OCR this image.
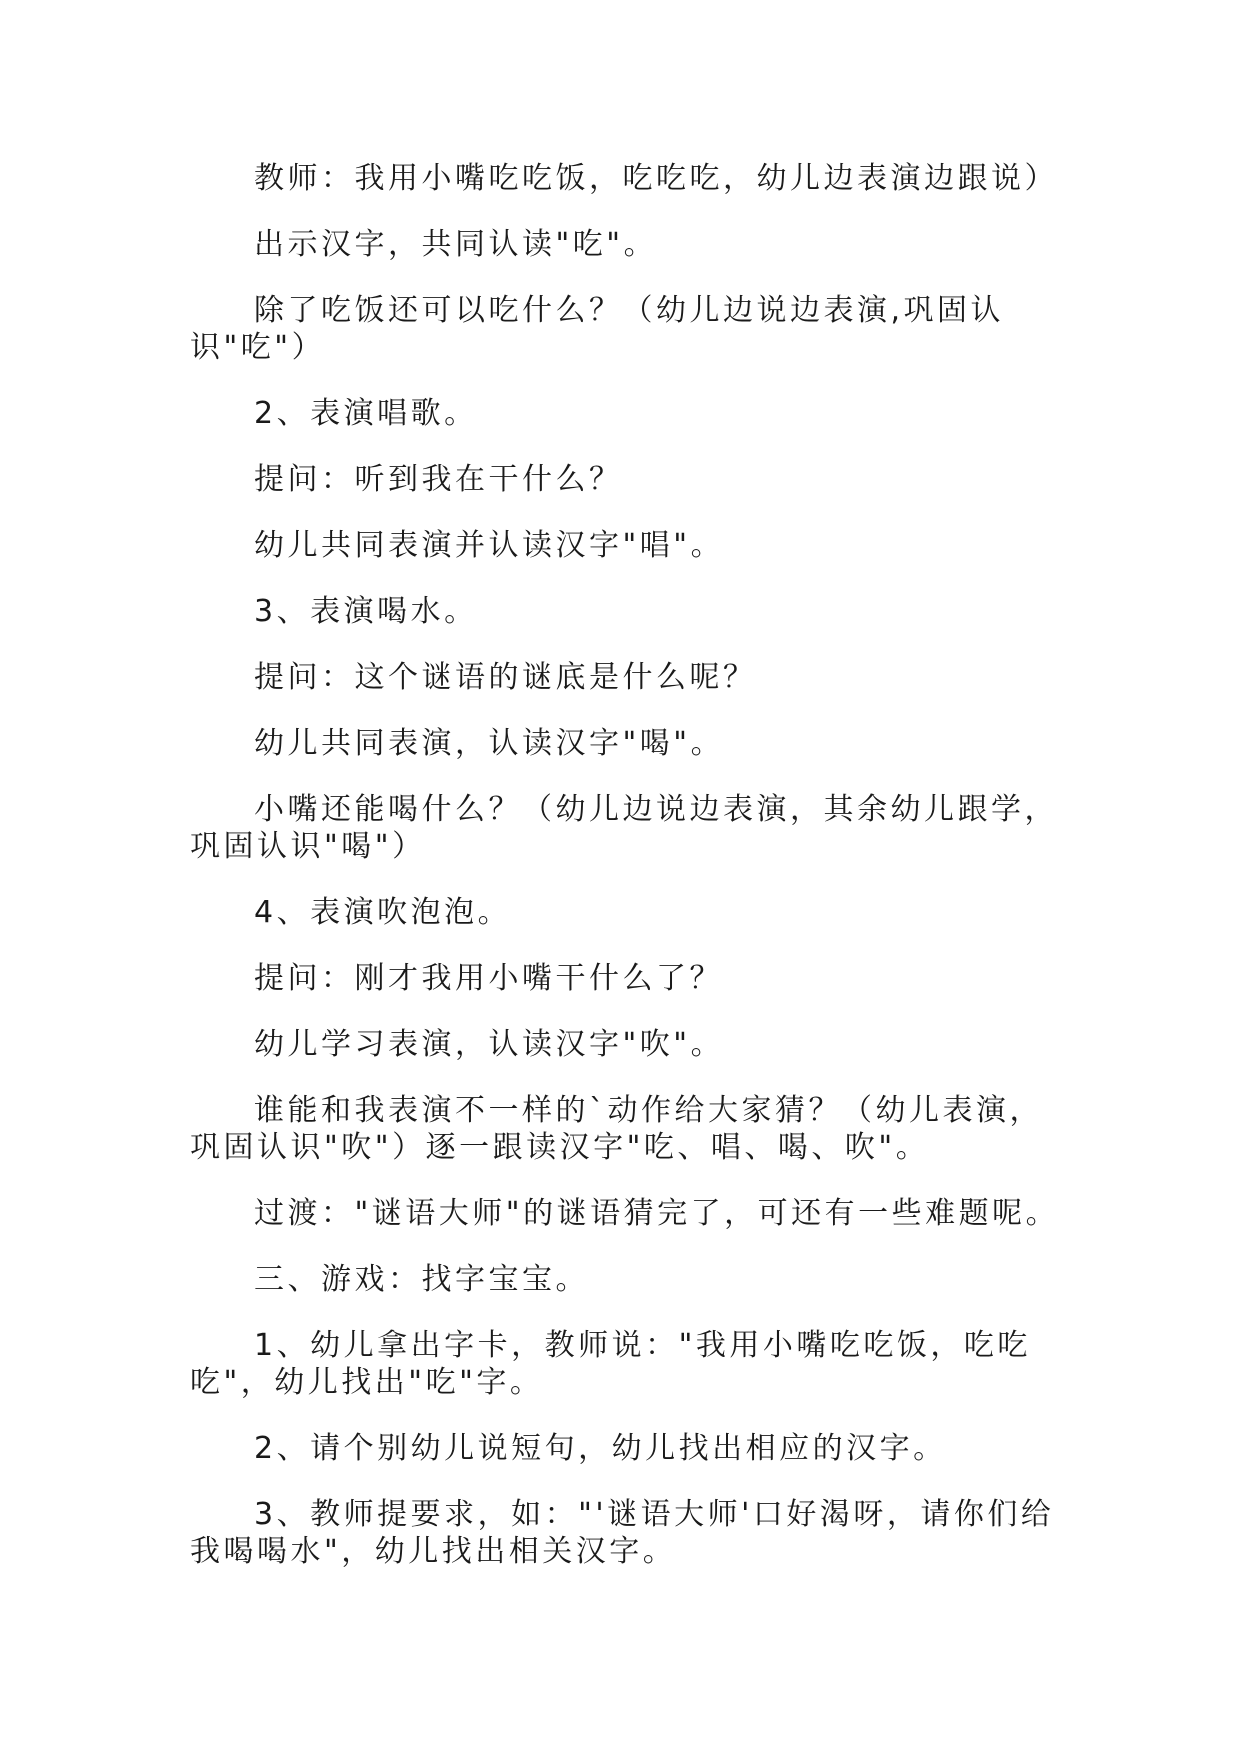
教师：我用小嘴吃吃饭，吃吃吃，幼儿边表演边跟说）

出示汉字，共同认读"吃"。

除了吃饭还可以吃什么？（幼儿边说边表演,巩固认识"吃"）

2、表演唱歌。

提问：听到我在干什么？

幼儿共同表演并认读汉字"唱"。

3、表演喝水。

提问：这个谜语的谜底是什么呢？

幼儿共同表演，认读汉字"喝"。

小嘴还能喝什么？（幼儿边说边表演，其余幼儿跟学，巩固认识"喝"）

4、表演吹泡泡。

提问：刚才我用小嘴干什么了？

幼儿学习表演，认读汉字"吹"。

谁能和我表演不一样的`动作给大家猜？（幼儿表演，巩固认识"吹"）逐一跟读汉字"吃、唱、喝、吹"。

过渡："谜语大师"的谜语猜完了，可还有一些难题呢。

三、游戏：找字宝宝。

1、幼儿拿出字卡，教师说："我用小嘴吃吃饭，吃吃吃"，幼儿找出"吃"字。

2、请个别幼儿说短句，幼儿找出相应的汉字。

3、教师提要求，如："'谜语大师'口好渴呀，请你们给我喝喝水"，幼儿找出相关汉字。
